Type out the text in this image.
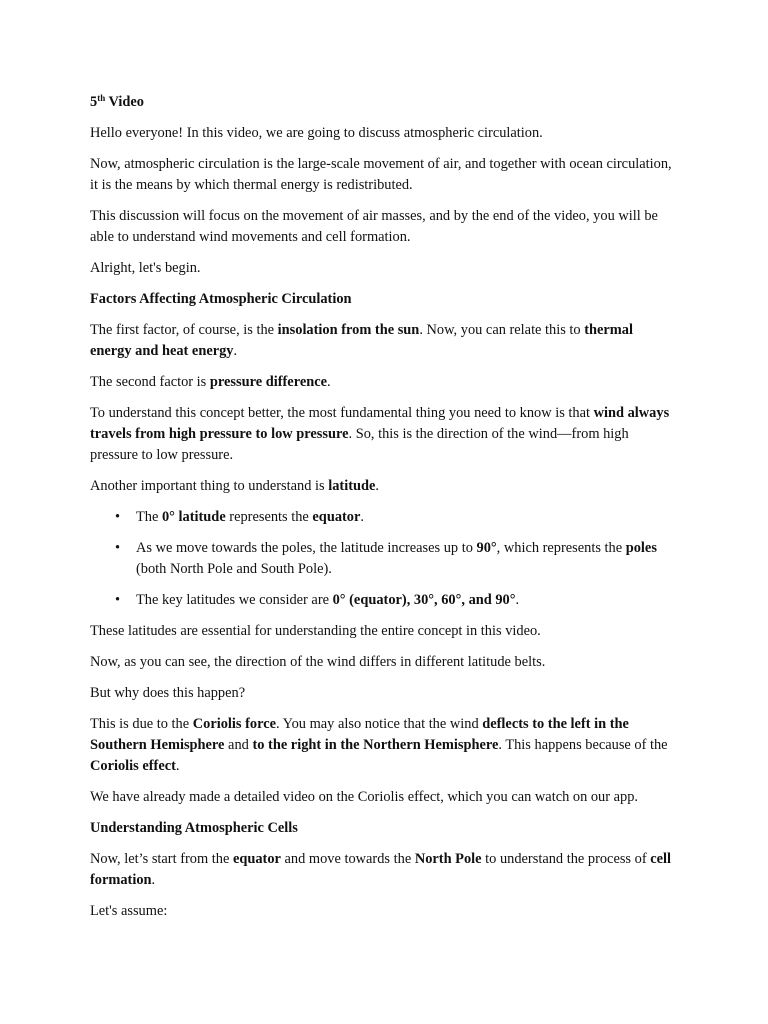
5th Video

Hello everyone! In this video, we are going to discuss atmospheric circulation.

Now, atmospheric circulation is the large-scale movement of air, and together with ocean circulation, it is the means by which thermal energy is redistributed.

This discussion will focus on the movement of air masses, and by the end of the video, you will be able to understand wind movements and cell formation.

Alright, let's begin.

Factors Affecting Atmospheric Circulation

The first factor, of course, is the insolation from the sun. Now, you can relate this to thermal energy and heat energy.

The second factor is pressure difference.

To understand this concept better, the most fundamental thing you need to know is that wind always travels from high pressure to low pressure. So, this is the direction of the wind—from high pressure to low pressure.

Another important thing to understand is latitude.

• The 0° latitude represents the equator.
• As we move towards the poles, the latitude increases up to 90°, which represents the poles (both North Pole and South Pole).
• The key latitudes we consider are 0° (equator), 30°, 60°, and 90°.

These latitudes are essential for understanding the entire concept in this video.

Now, as you can see, the direction of the wind differs in different latitude belts.

But why does this happen?

This is due to the Coriolis force. You may also notice that the wind deflects to the left in the Southern Hemisphere and to the right in the Northern Hemisphere. This happens because of the Coriolis effect.

We have already made a detailed video on the Coriolis effect, which you can watch on our app.

Understanding Atmospheric Cells

Now, let’s start from the equator and move towards the North Pole to understand the process of cell formation.

Let's assume:
